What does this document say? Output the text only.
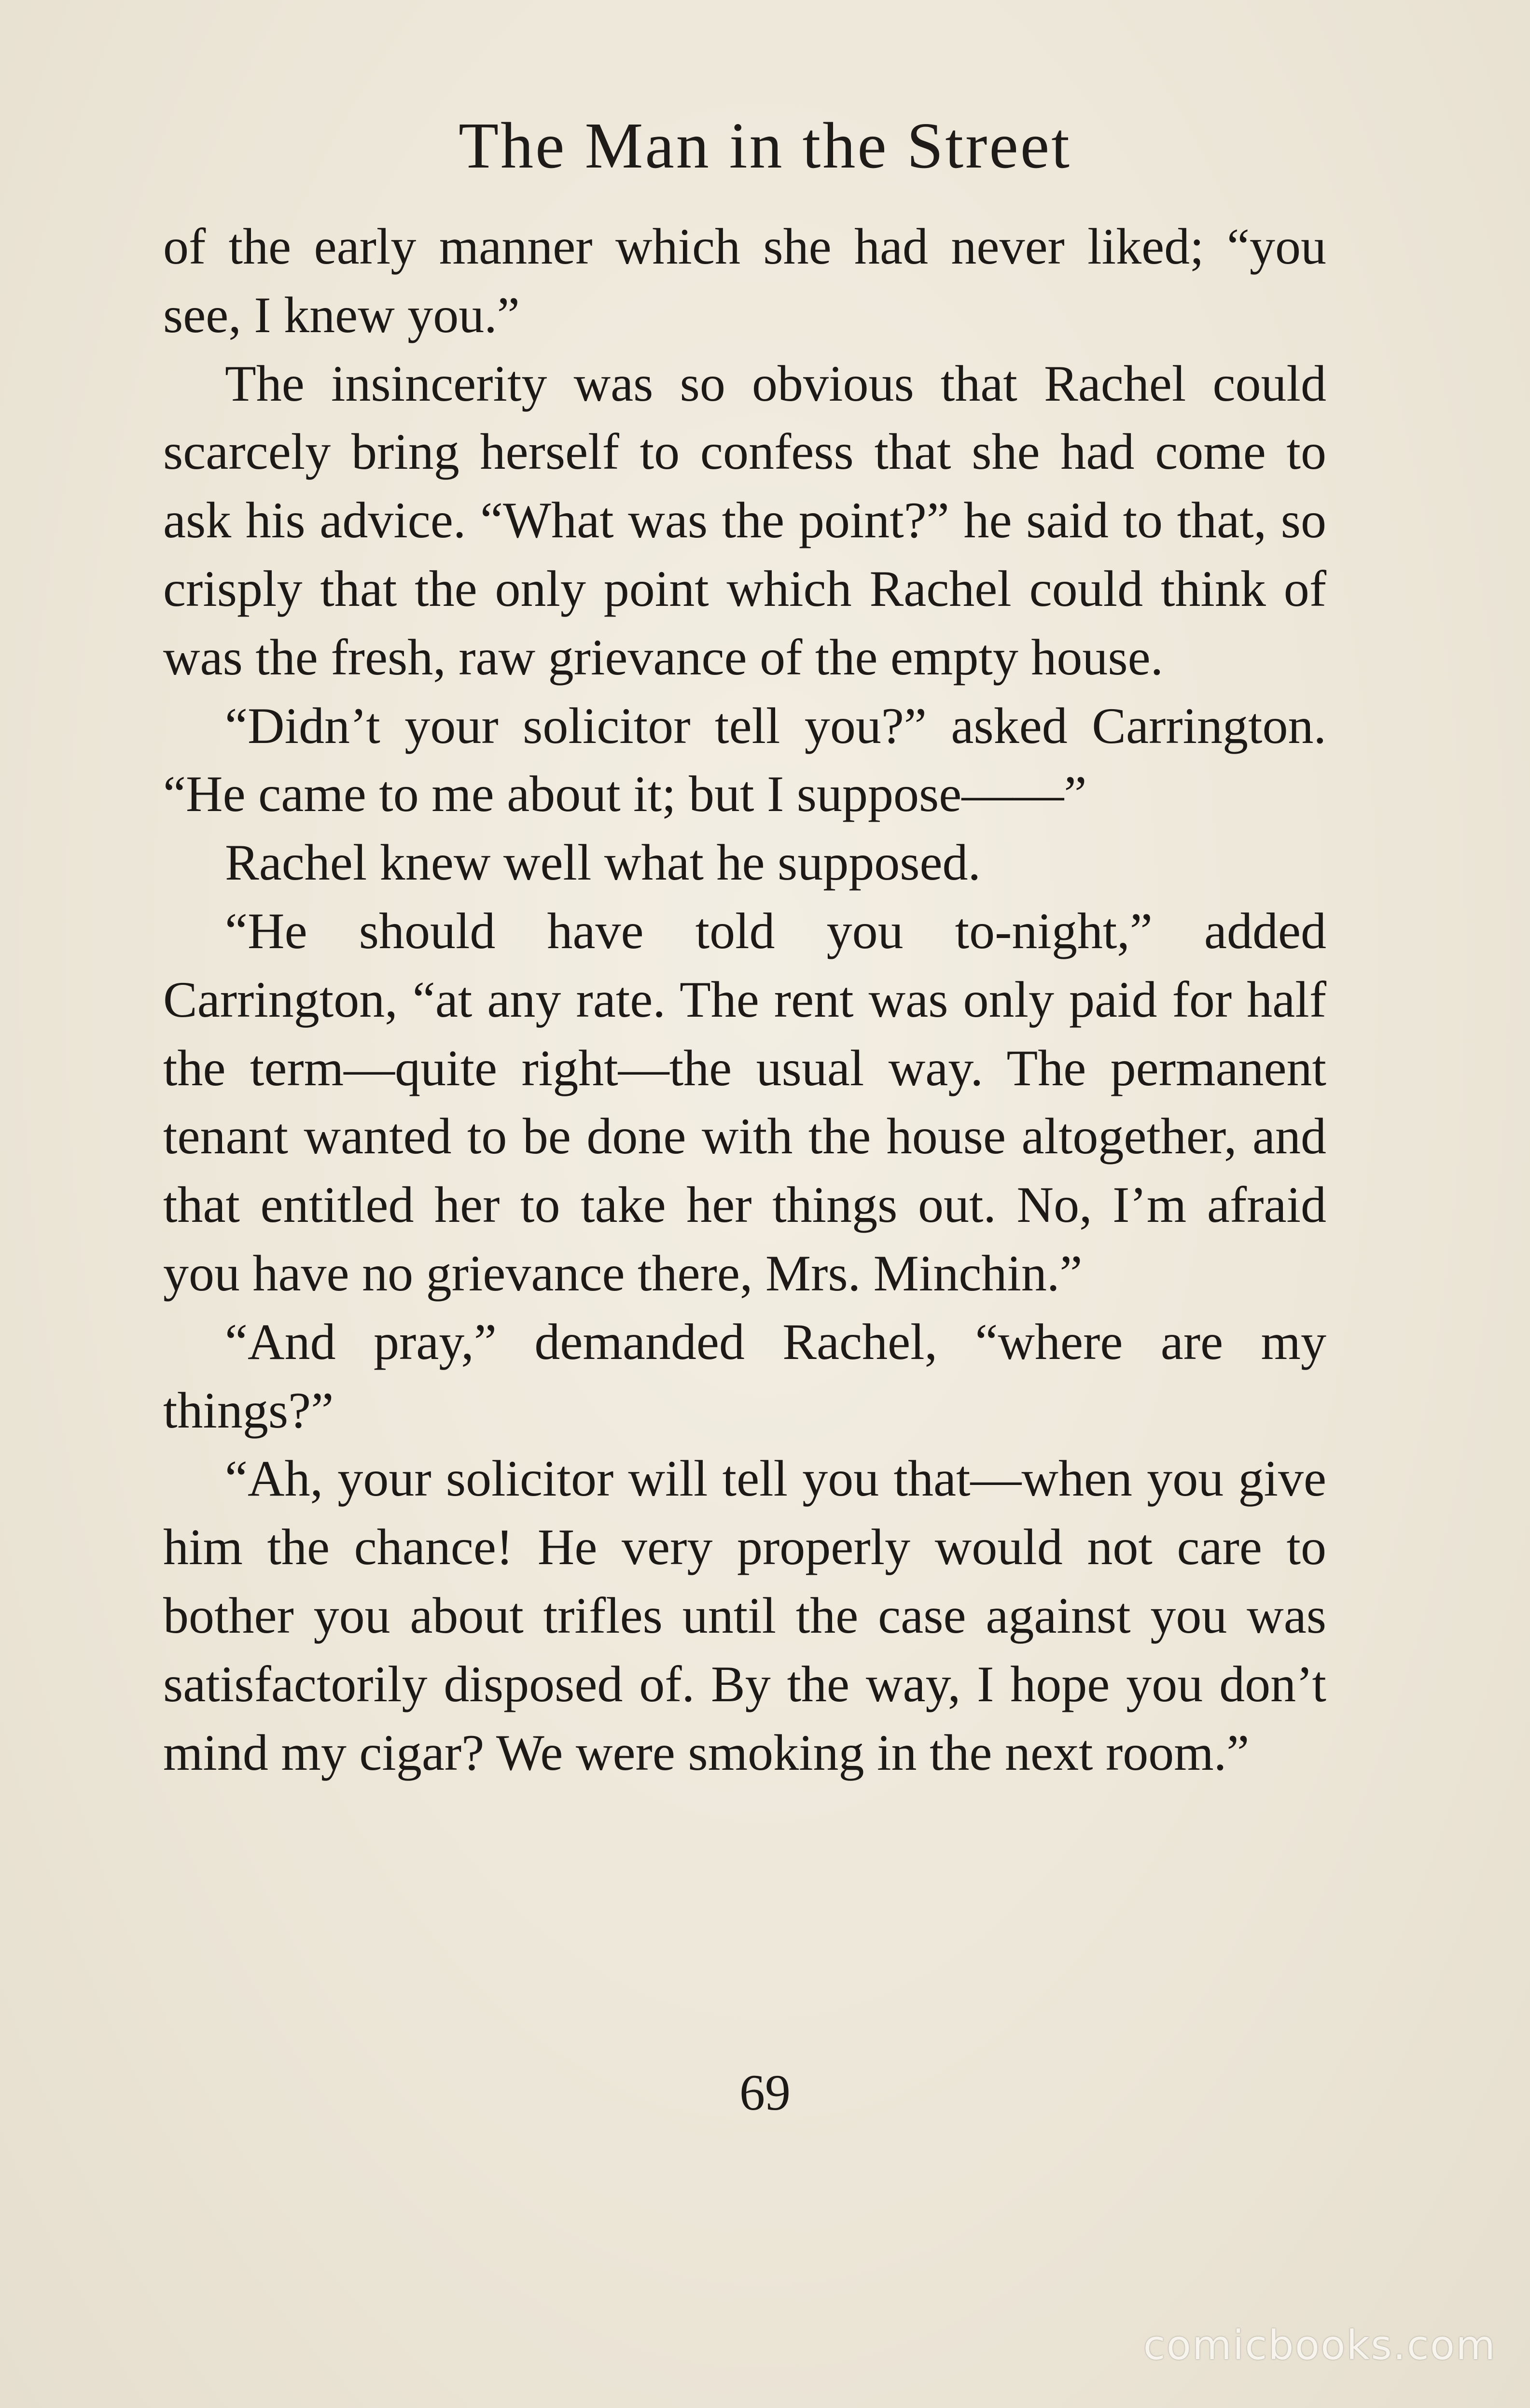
The Man in the Street

of the early manner which she had never liked; “you see, I knew you.”

The insincerity was so obvious that Rachel could scarcely bring herself to confess that she had come to ask his advice. “What was the point?” he said to that, so crisply that the only point which Rachel could think of was the fresh, raw grievance of the empty house.

“Didn’t your solicitor tell you?” asked Carrington. “He came to me about it; but I suppose——”

Rachel knew well what he supposed.

“He should have told you to-night,” added Carrington, “at any rate. The rent was only paid for half the term—quite right—the usual way. The permanent tenant wanted to be done with the house altogether, and that entitled her to take her things out. No, I’m afraid you have no grievance there, Mrs. Minchin.”

“And pray,” demanded Rachel, “where are my things?”

“Ah, your solicitor will tell you that—when you give him the chance! He very properly would not care to bother you about trifles until the case against you was satisfactorily disposed of. By the way, I hope you don’t mind my cigar? We were smoking in the next room.”

69
comicbooks.com
